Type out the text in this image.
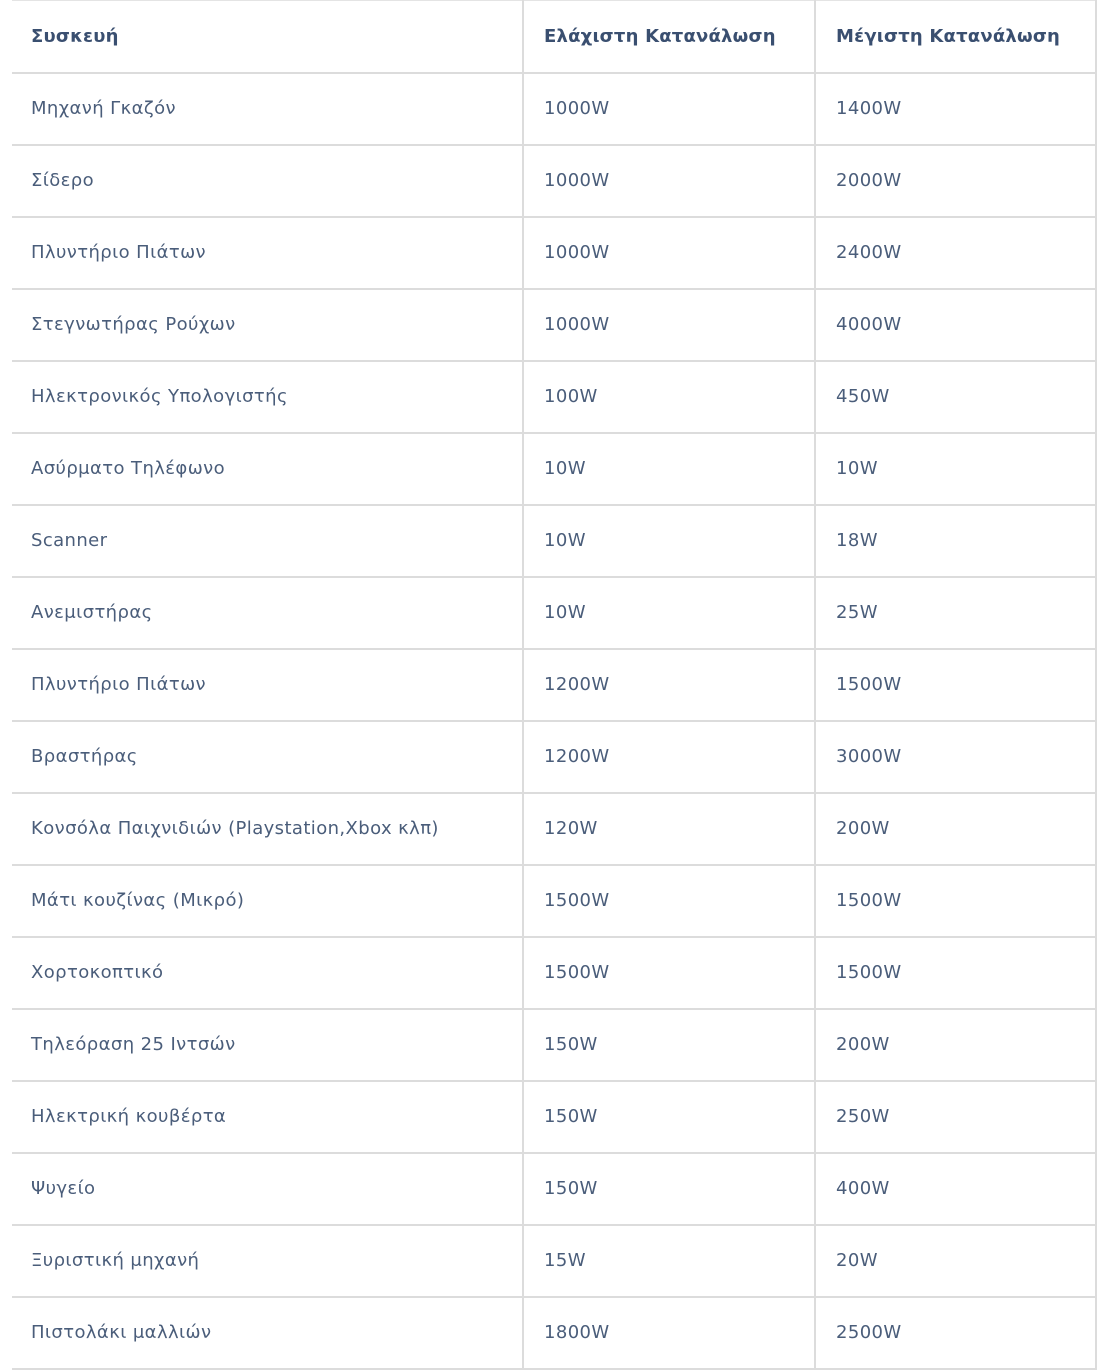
Συσκευή	Ελάχιστη Κατανάλωση	Μέγιστη Κατανάλωση
Μηχανή Γκαζόν	1000W	1400W
Σίδερο	1000W	2000W
Πλυντήριο Πιάτων	1000W	2400W
Στεγνωτήρας Ρούχων	1000W	4000W
Ηλεκτρονικός Υπολογιστής	100W	450W
Ασύρματο Τηλέφωνο	10W	10W
Scanner	10W	18W
Ανεμιστήρας	10W	25W
Πλυντήριο Πιάτων	1200W	1500W
Βραστήρας	1200W	3000W
Κονσόλα Παιχνιδιών (Playstation,Xbox κλπ)	120W	200W
Μάτι κουζίνας (Μικρό)	1500W	1500W
Χορτοκοπτικό	1500W	1500W
Τηλεόραση 25 Ιντσών	150W	200W
Ηλεκτρική κουβέρτα	150W	250W
Ψυγείο	150W	400W
Ξυριστική μηχανή	15W	20W
Πιστολάκι μαλλιών	1800W	2500W
